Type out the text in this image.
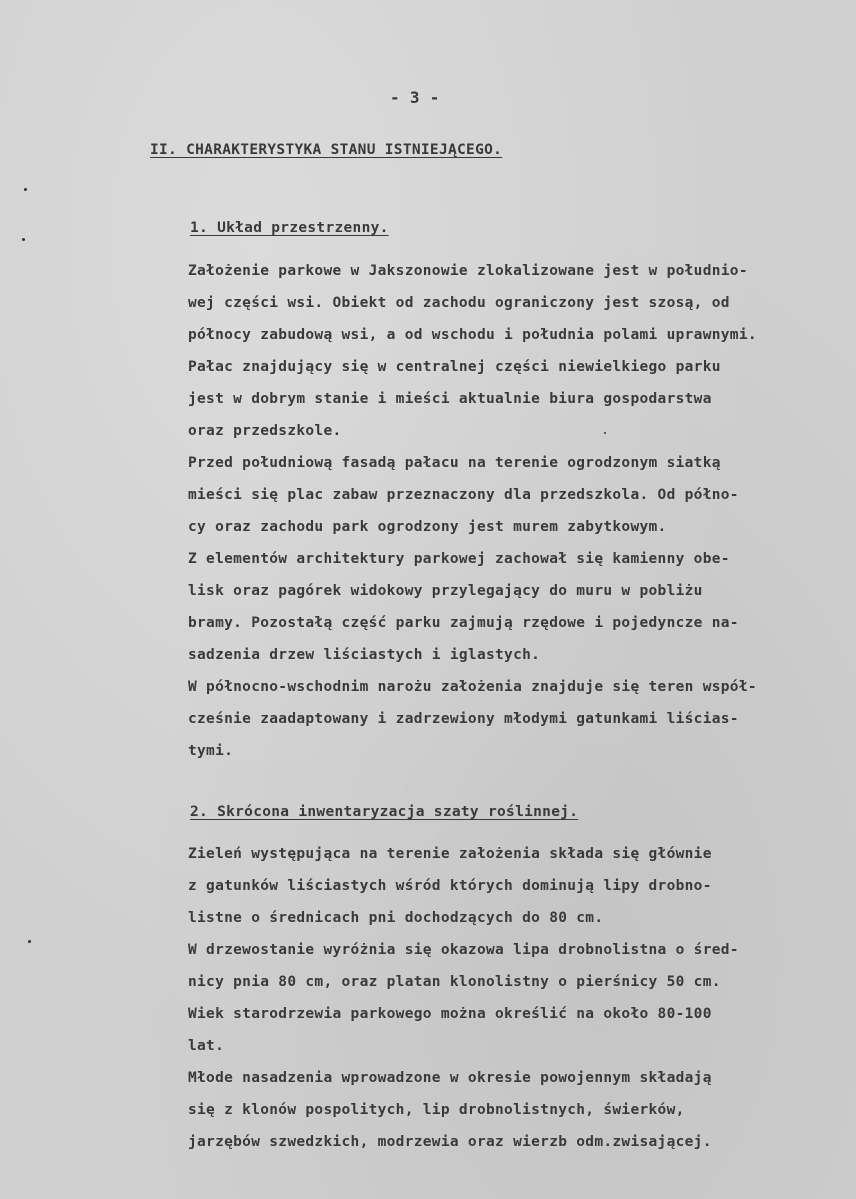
- 3 -
II. CHARAKTERYSTYKA STANU ISTNIEJĄCEGO.
1. Układ przestrzenny.
Założenie parkowe w Jakszonowie zlokalizowane jest w południo-
wej części wsi. Obiekt od zachodu ograniczony jest szosą, od
północy zabudową wsi, a od wschodu i południa polami uprawnymi.
Pałac znajdujący się w centralnej części niewielkiego parku
jest w dobrym stanie i mieści aktualnie biura gospodarstwa
oraz przedszkole.
Przed południową fasadą pałacu na terenie ogrodzonym siatką
mieści się plac zabaw przeznaczony dla przedszkola. Od półno-
cy oraz zachodu park ogrodzony jest murem zabytkowym.
Z elementów architektury parkowej zachował się kamienny obe-
lisk oraz pagórek widokowy przylegający do muru w pobliżu
bramy. Pozostałą część parku zajmują rzędowe i pojedyncze na-
sadzenia drzew liściastych i iglastych.
W północno-wschodnim narożu założenia znajduje się teren współ-
cześnie zaadaptowany i zadrzewiony młodymi gatunkami liścias-
tymi.
2. Skrócona inwentaryzacja szaty roślinnej.
Zieleń występująca na terenie założenia składa się głównie
z gatunków liściastych wśród których dominują lipy drobno-
listne o średnicach pni dochodzących do 80 cm.
W drzewostanie wyróżnia się okazowa lipa drobnolistna o śred-
nicy pnia 80 cm, oraz platan klonolistny o pierśnicy 50 cm.
Wiek starodrzewia parkowego można określić na około 80-100
lat.
Młode nasadzenia wprowadzone w okresie powojennym składają
się z klonów pospolitych, lip drobnolistnych, świerków,
jarzębów szwedzkich, modrzewia oraz wierzb odm.zwisającej.
